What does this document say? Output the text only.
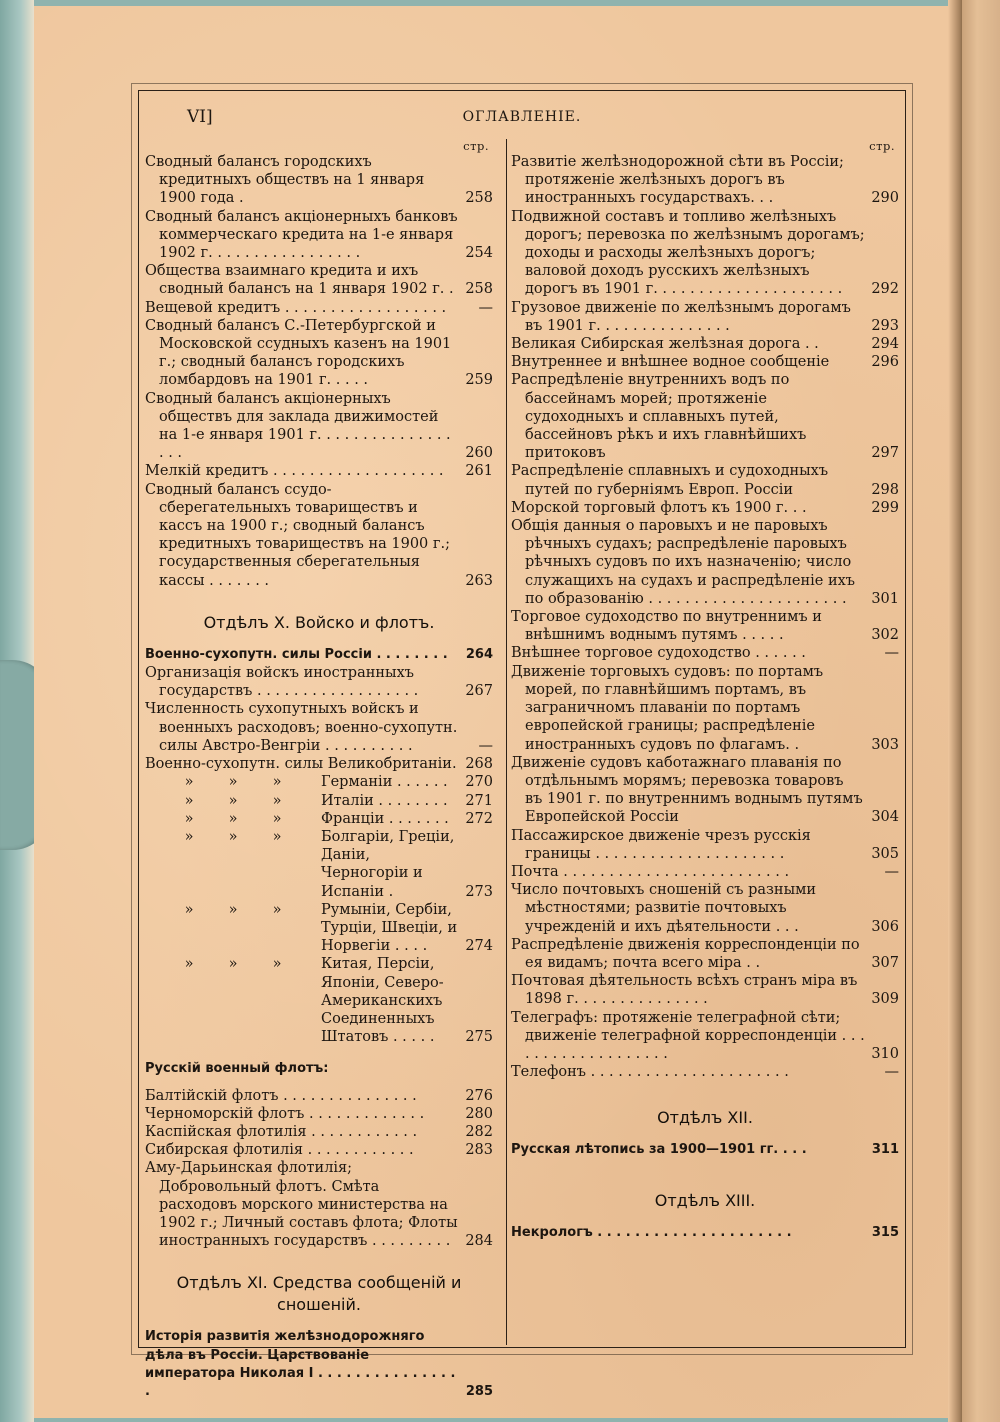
VI]	ОГЛАВЛЕНІЕ.
стр.
Сводный балансъ городскихъ кредитныхъ обществъ на 1 января 1900 года .	258
Сводный балансъ акціонерныхъ банковъ коммерческаго кредита на 1-е января 1902 г. . . . . . . . . . . . . . . . .	254
Общества взаимнаго кредита и ихъ сводный балансъ на 1 января 1902 г. . 258
Вещевой кредитъ . . . . . . . . . . . . . . . . . .	—
Сводный балансъ С.-Петербургской и Московской ссудныхъ казенъ на 1901 г.; сводный балансъ городскихъ ломбардовъ на 1901 г. . . . .	259
Сводный балансъ акціонерныхъ обществъ для заклада движимостей на 1-е января 1901 г. . . . . . . . . . . . . . . . . .	260
Мелкій кредитъ . . . . . . . . . . . . . . . . . . .	261
Сводный балансъ ссудо-сберегательныхъ товариществъ и кассъ на 1900 г.; сводный балансъ кредитныхъ товариществъ на 1900 г.; государственныя сберегательныя кассы . . . . . . .	263
Отдѣлъ X. Войско и флотъ.
Военно-сухопутн. силы Россіи . . . . . . . .	264
Организація войскъ иностранныхъ государствъ . . . . . . . . . . . . . . . . . .	267
Численность сухопутныхъ войскъ и военныхъ расходовъ; военно-сухопутн. силы Австро-Венгріи . . . . . . . . . .	—
Военно-сухопутн. силы Великобританіи. 268
» » »	Германіи . . . . . .	270
» » »	Италіи . . . . . . . .	271
» » »	Франціи . . . . . . .	272
» » »	Болгаріи, Греціи, Даніи, Черногоріи и Испаніи .	273
» » »	Румыніи, Сербіи, Турціи, Швеціи, и Норвегіи . . . .	274
» » »	Китая, Персіи, Японіи, Северо-Американскихъ Соединенныхъ Штатовъ . . . . .	275
Русскій военный флотъ:
Балтійскій флотъ . . . . . . . . . . . . . . .	276
Черноморскій флотъ . . . . . . . . . . . . .	280
Каспійская флотилія . . . . . . . . . . . .	282
Сибирская флотилія . . . . . . . . . . . .	283
Аму-Дарьинская флотилія; Добровольный флотъ. Смѣта расходовъ морского министерства на 1902 г.; Личный составъ флота; Флоты иностранныхъ государствъ . . . . . . . . .	284
Отдѣлъ XI. Средства сообщеній и сношеній.
Исторія развитія желѣзнодорожняго дѣла въ Россіи. Царствованіе императора Николая I . . . . . . . . . . . . . . . .	285
стр.
Развитіе желѣзнодорожной сѣти въ Россіи; протяженіе желѣзныхъ дорогъ въ иностранныхъ государствахъ. . .	290
Подвижной составъ и топливо желѣзныхъ дорогъ; перевозка по желѣзнымъ дорогамъ; доходы и расходы желѣзныхъ дорогъ; валовой доходъ русскихъ желѣзныхъ дорогъ въ 1901 г. . . . . . . . . . . . . . . . . . . . .	292
Грузовое движеніе по желѣзнымъ дорогамъ въ 1901 г. . . . . . . . . . . . . . .	293
Великая Сибирская желѣзная дорога . .	294
Внутреннее и внѣшнее водное сообщеніе	296
Распредѣленіе внутреннихъ водъ по бассейнамъ морей; протяженіе судоходныхъ и сплавныхъ путей, бассейновъ рѣкъ и ихъ главнѣйшихъ притоковъ	297
Распредѣленіе сплавныхъ и судоходныхъ путей по губерніямъ Европ. Россіи	298
Морской торговый флотъ къ 1900 г. . .	299
Общія данныя о паровыхъ и не паровыхъ рѣчныхъ судахъ; распредѣленіе паровыхъ рѣчныхъ судовъ по ихъ назначенію; число служащихъ на судахъ и распредѣленіе ихъ по образованію . . . . . . . . . . . . . . . . . . . . . .	301
Торговое судоходство по внутреннимъ и внѣшнимъ воднымъ путямъ . . . . .	302
Внѣшнее торговое судоходство . . . . . .	—
Движеніе торговыхъ судовъ: по портамъ морей, по главнѣйшимъ портамъ, въ заграничномъ плаваніи по портамъ европейской границы; распредѣленіе иностранныхъ судовъ по флагамъ. .	303
Движеніе судовъ каботажнаго плаванія по отдѣльнымъ морямъ; перевозка товаровъ въ 1901 г. по внутреннимъ воднымъ путямъ Европейской Россіи	304
Пассажирское движеніе чрезъ русскія границы . . . . . . . . . . . . . . . . . . . . .	305
Почта . . . . . . . . . . . . . . . . . . . . . . . . .	—
Число почтовыхъ сношеній съ разными мѣстностями; развитіе почтовыхъ учрежденій и ихъ дѣятельности . . .	306
Распредѣленіе движенія корреспонденціи по ея видамъ; почта всего міра . .	307
Почтовая дѣятельность всѣхъ странъ міра въ 1898 г. . . . . . . . . . . . . . .	309
Телеграфъ: протяженіе телеграфной сѣти; движеніе телеграфной корреспонденціи . . . . . . . . . . . . . . . . . . .	310
Телефонъ . . . . . . . . . . . . . . . . . . . . . .	—
Отдѣлъ XII.
Русская лѣтопись за 1900—1901 гг. . . .	311
Отдѣлъ XIII.
Некрологъ . . . . . . . . . . . . . . . . . . . . .	315
